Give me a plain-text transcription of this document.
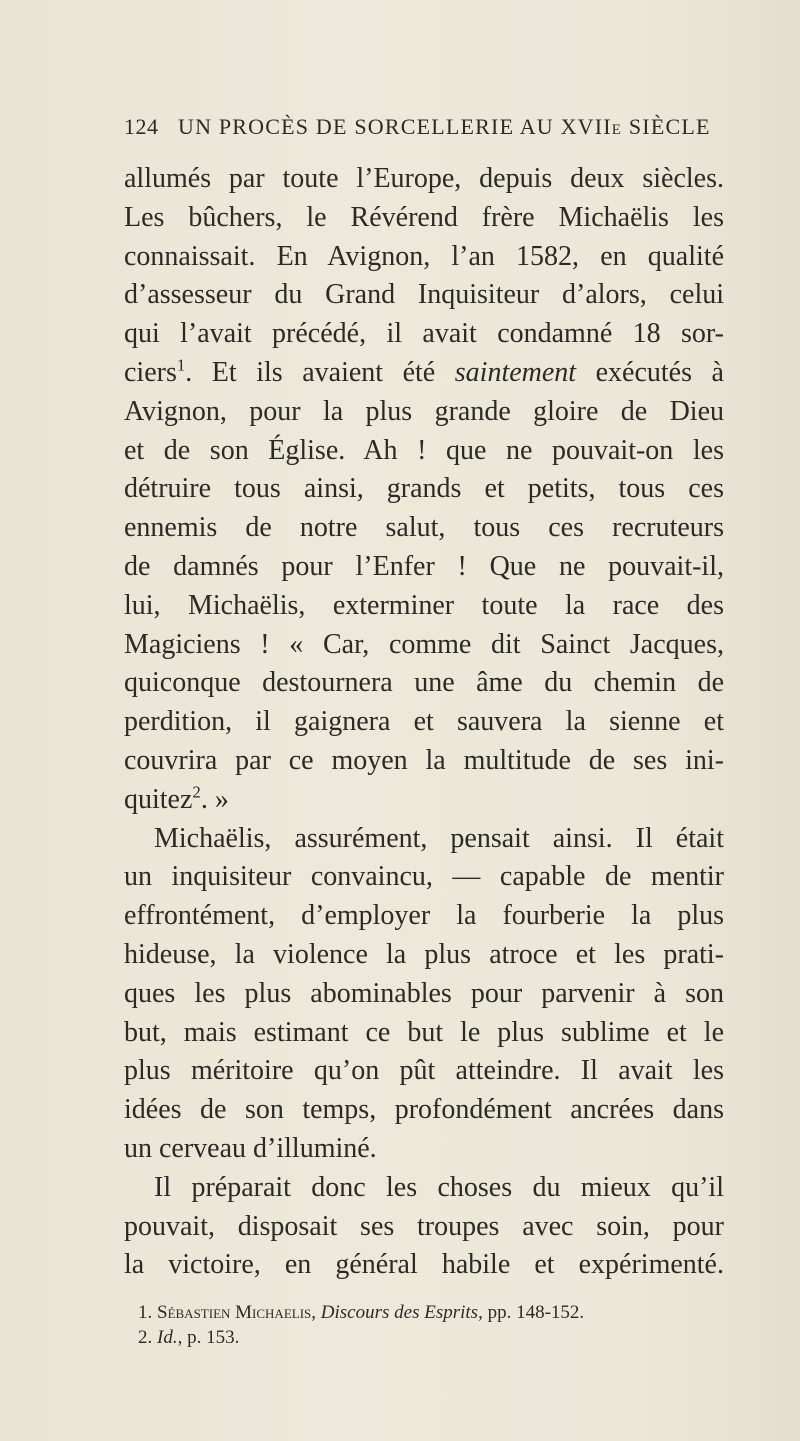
124 UN PROCÈS DE SORCELLERIE AU XVIIe SIÈCLE
allumés par toute l’Europe, depuis deux siècles.
Les bûchers, le Révérend frère Michaëlis les
connaissait. En Avignon, l’an 1582, en qualité
d’assesseur du Grand Inquisiteur d’alors, celui
qui l’avait précédé, il avait condamné 18 sor-
ciers$^1$. Et ils avaient été saintement exécutés à
Avignon, pour la plus grande gloire de Dieu
et de son Église. Ah ! que ne pouvait-on les
détruire tous ainsi, grands et petits, tous ces
ennemis de notre salut, tous ces recruteurs
de damnés pour l’Enfer ! Que ne pouvait-il,
lui, Michaëlis, exterminer toute la race des
Magiciens ! « Car, comme dit Sainct Jacques,
quiconque destournera une âme du chemin de
perdition, il gaignera et sauvera la sienne et
couvrira par ce moyen la multitude de ses ini-
quitez$^2$. »
Michaëlis, assurément, pensait ainsi. Il était
un inquisiteur convaincu, — capable de mentir
effrontément, d’employer la fourberie la plus
hideuse, la violence la plus atroce et les prati-
ques les plus abominables pour parvenir à son
but, mais estimant ce but le plus sublime et le
plus méritoire qu’on pût atteindre. Il avait les
idées de son temps, profondément ancrées dans
un cerveau d’illuminé.
Il préparait donc les choses du mieux qu’il
pouvait, disposait ses troupes avec soin, pour
la victoire, en général habile et expérimenté.
1. Sébastien Michaelis, Discours des Esprits, pp. 148-152.
2. Id., p. 153.
